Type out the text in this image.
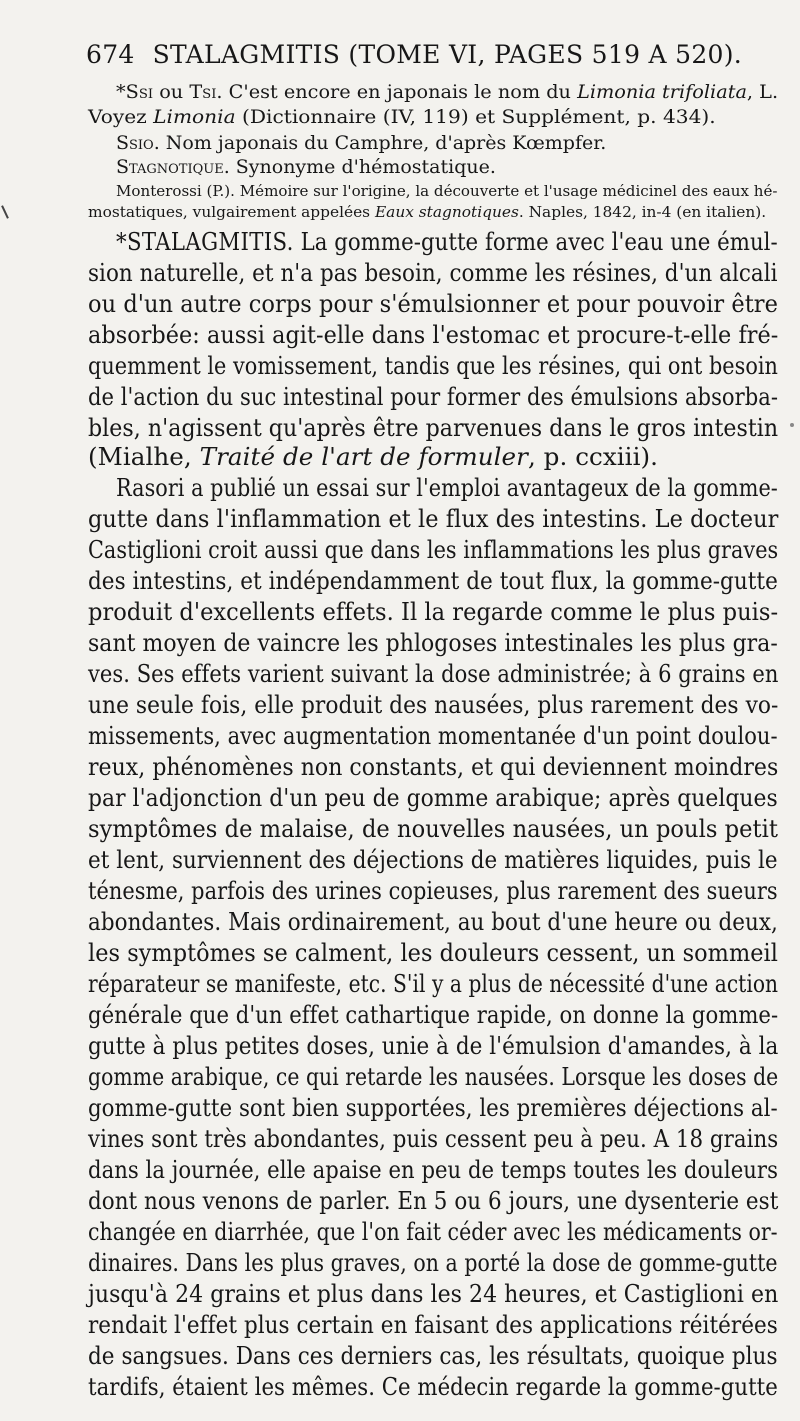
674 STALAGMITIS (TOME VI, PAGES 519 A 520).
*Ssi ou Tsi. C'est encore en japonais le nom du Limonia trifoliata, L.
Voyez Limonia (Dictionnaire (IV, 119) et Supplément, p. 434).
Ssio. Nom japonais du Camphre, d'après Kœmpfer.
Stagnotique. Synonyme d'hémostatique.
Monterossi (P.). Mémoire sur l'origine, la découverte et l'usage médicinel des eaux hé-
mostatiques, vulgairement appelées Eaux stagnotiques. Naples, 1842, in-4 (en italien).
*STALAGMITIS. La gomme-gutte forme avec l'eau une émul-
sion naturelle, et n'a pas besoin, comme les résines, d'un alcali
ou d'un autre corps pour s'émulsionner et pour pouvoir être
absorbée: aussi agit-elle dans l'estomac et procure-t-elle fré-
quemment le vomissement, tandis que les résines, qui ont besoin
de l'action du suc intestinal pour former des émulsions absorba-
bles, n'agissent qu'après être parvenues dans le gros intestin
(Mialhe, Traité de l'art de formuler, p. ccxiii).
Rasori a publié un essai sur l'emploi avantageux de la gomme-
gutte dans l'inflammation et le flux des intestins. Le docteur
Castiglioni croit aussi que dans les inflammations les plus graves
des intestins, et indépendamment de tout flux, la gomme-gutte
produit d'excellents effets. Il la regarde comme le plus puis-
sant moyen de vaincre les phlogoses intestinales les plus gra-
ves. Ses effets varient suivant la dose administrée; à 6 grains en
une seule fois, elle produit des nausées, plus rarement des vo-
missements, avec augmentation momentanée d'un point doulou-
reux, phénomènes non constants, et qui deviennent moindres
par l'adjonction d'un peu de gomme arabique; après quelques
symptômes de malaise, de nouvelles nausées, un pouls petit
et lent, surviennent des déjections de matières liquides, puis le
ténesme, parfois des urines copieuses, plus rarement des sueurs
abondantes. Mais ordinairement, au bout d'une heure ou deux,
les symptômes se calment, les douleurs cessent, un sommeil
réparateur se manifeste, etc. S'il y a plus de nécessité d'une action
générale que d'un effet cathartique rapide, on donne la gomme-
gutte à plus petites doses, unie à de l'émulsion d'amandes, à la
gomme arabique, ce qui retarde les nausées. Lorsque les doses de
gomme-gutte sont bien supportées, les premières déjections al-
vines sont très abondantes, puis cessent peu à peu. A 18 grains
dans la journée, elle apaise en peu de temps toutes les douleurs
dont nous venons de parler. En 5 ou 6 jours, une dysenterie est
changée en diarrhée, que l'on fait céder avec les médicaments or-
dinaires. Dans les plus graves, on a porté la dose de gomme-gutte
jusqu'à 24 grains et plus dans les 24 heures, et Castiglioni en
rendait l'effet plus certain en faisant des applications réitérées
de sangsues. Dans ces derniers cas, les résultats, quoique plus
tardifs, étaient les mêmes. Ce médecin regarde la gomme-gutte
